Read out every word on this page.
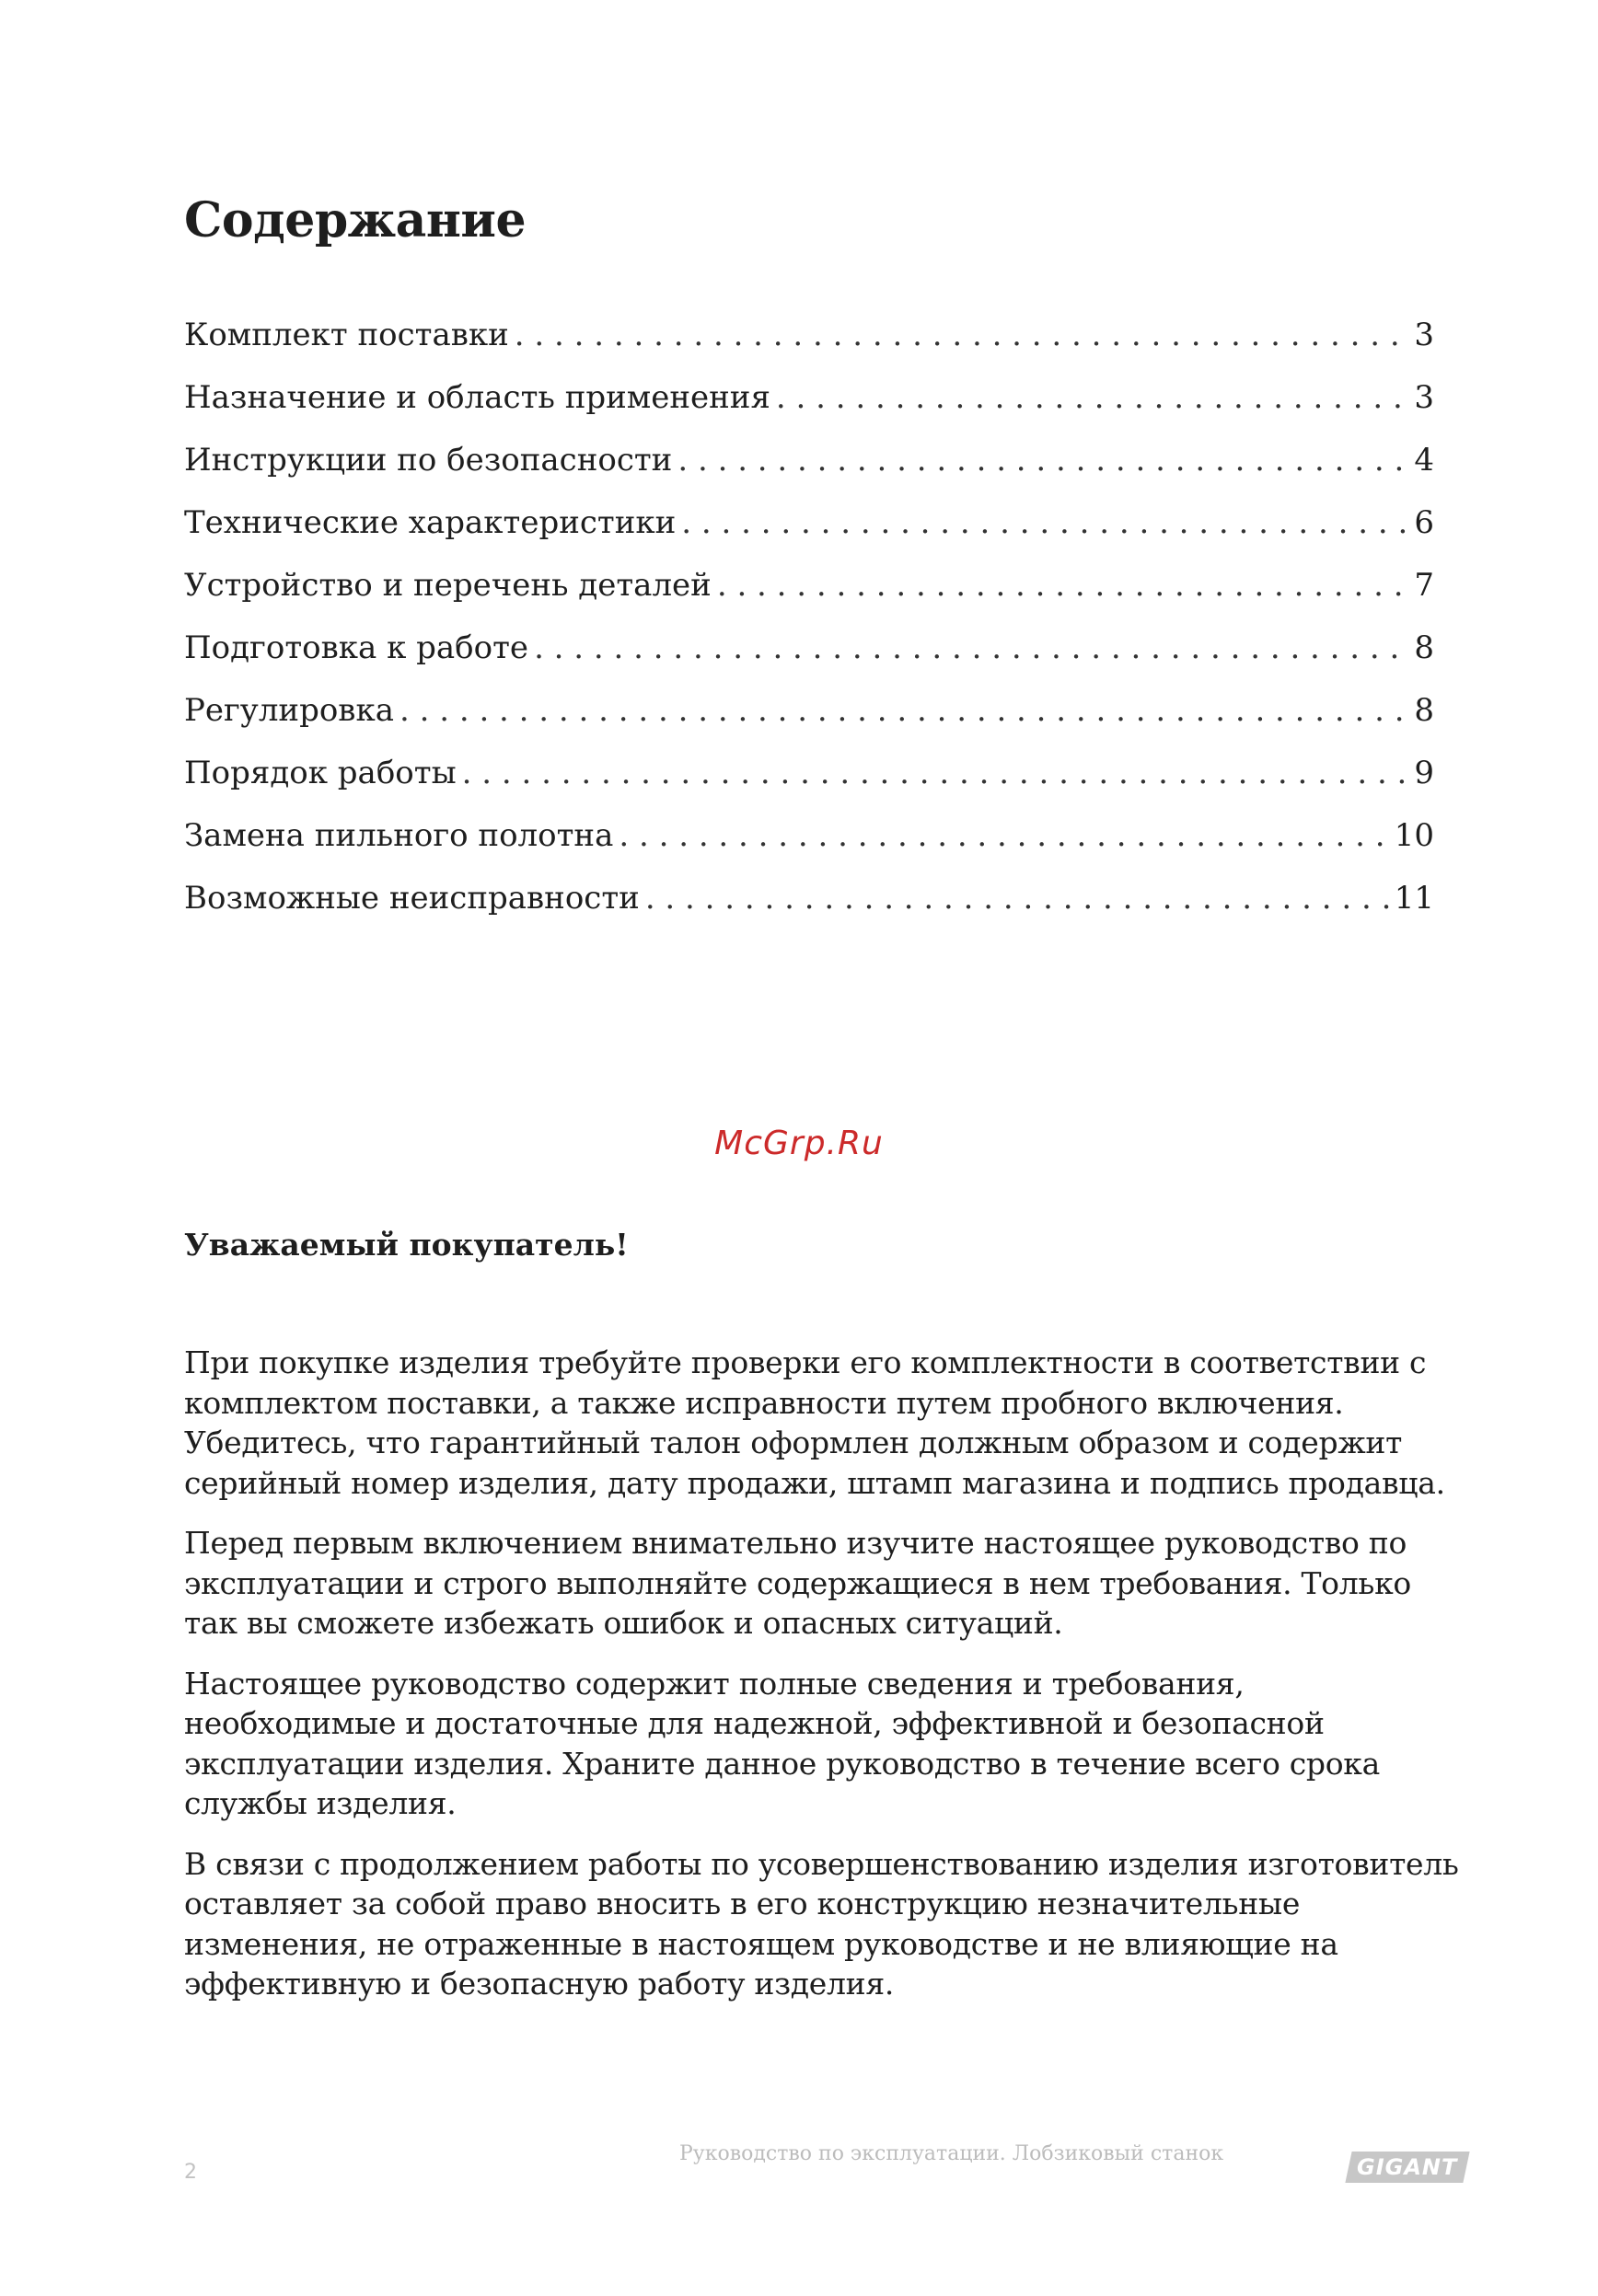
Содержание
Комплект поставки . . .	3
Назначение и область применения . . .	3
Инструкции по безопасности . . .	4
Технические характеристики . . .	6
Устройство и перечень деталей . . .	7
Подготовка к работе . . .	8
Регулировка . . .	8
Порядок работы . . .	9
Замена пильного полотна . . .	10
Возможные неисправности . . .	11
McGrp.Ru
Уважаемый покупатель!

При покупке изделия требуйте проверки его комплектности в соответствии с комплектом поставки, а также исправности путем пробного включения. Убедитесь, что гарантийный талон оформлен должным образом и содержит серийный номер изделия, дату продажи, штамп магазина и подпись продавца.

Перед первым включением внимательно изучите настоящее руководство по эксплуатации и строго выполняйте содержащиеся в нем требования. Только так вы сможете избежать ошибок и опасных ситуаций.

Настоящее руководство содержит полные сведения и требования, необходимые и достаточные для надежной, эффективной и безопасной эксплуатации изделия. Храните данное руководство в течение всего срока службы изделия.

В связи с продолжением работы по усовершенствованию изделия изготовитель оставляет за собой право вносить в его конструкцию незначительные изменения, не отраженные в настоящем руководстве и не влияющие на эффективную и безопасную работу изделия.

2
Руководство по эксплуатации. Лобзиковый станок
GIGANT
